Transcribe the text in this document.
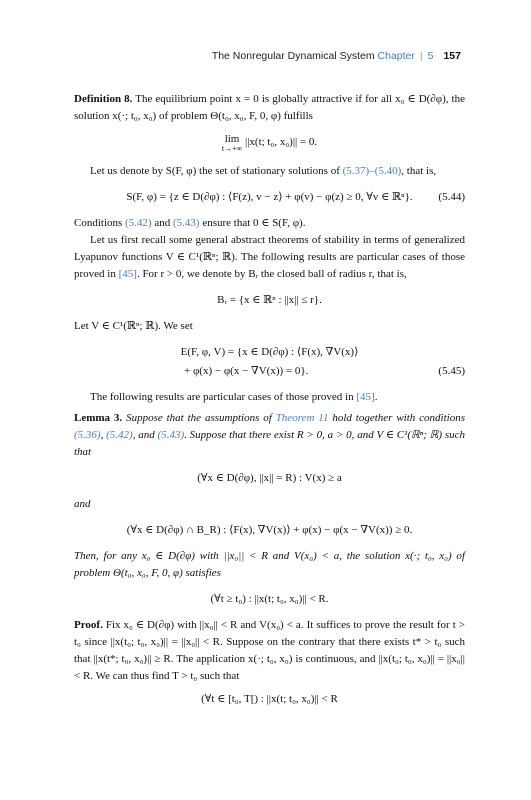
The Nonregular Dynamical System Chapter | 5 157

Definition 8. The equilibrium point x = 0 is globally attractive if for all x₀ ∈ D(∂φ), the solution x(·; t₀, x₀) of problem Θ(t₀, x₀, F, 0, φ) fulfills

lim
t→+∞
||x(t; t₀, x₀)|| = 0.

Let us denote by S(F, φ) the set of stationary solutions of (5.37)–(5.40), that is,

S(F, φ) = {z ∈ D(∂φ) : ⟨F(z), v − z⟩ + φ(v) − φ(z) ≥ 0, ∀v ∈ ℝⁿ}. (5.44)

Conditions (5.42) and (5.43) ensure that 0 ∈ S(F, φ).

Let us first recall some general abstract theorems of stability in terms of generalized Lyapunov functions V ∈ C¹(ℝⁿ; ℝ). The following results are particular cases of those proved in [45]. For r > 0, we denote by Bᵣ the closed ball of radius r, that is,

Bᵣ = {x ∈ ℝⁿ : ||x|| ≤ r}.

Let V ∈ C¹(ℝⁿ; ℝ). We set

E(F, φ, V) = {x ∈ D(∂φ) : ⟨F(x), ∇V(x)⟩
+ φ(x) − φ(x − ∇V(x)) = 0}.	(5.45)

The following results are particular cases of those proved in [45].

Lemma 3. Suppose that the assumptions of Theorem 11 hold together with conditions (5.36), (5.42), and (5.43). Suppose that there exist R > 0, a > 0, and V ∈ C¹(ℝⁿ; ℝ) such that

(∀x ∈ D(∂φ), ||x|| = R) : V(x) ≥ a

and

(∀x ∈ D(∂φ) ∩ B_R) : ⟨F(x), ∇V(x)⟩ + φ(x) − φ(x − ∇V(x)) ≥ 0.

Then, for any x₀ ∈ D(∂φ) with ||x₀|| < R and V(x₀) < a, the solution x(·; t₀, x₀) of problem Θ(t₀, x₀, F, 0, φ) satisfies

(∀t ≥ t₀) : ||x(t; t₀, x₀)|| < R.

Proof. Fix x₀ ∈ D(∂φ) with ||x₀|| < R and V(x₀) < a. It suffices to prove the result for t > t₀ since ||x(t₀; t₀, x₀)|| = ||x₀|| < R. Suppose on the contrary that there exists t* > t₀ such that ||x(t*; t₀, x₀)|| ≥ R. The application x(·; t₀, x₀) is continuous, and ||x(t₀; t₀, x₀)|| = ||x₀|| < R. We can thus find T > t₀ such that

(∀t ∈ [t₀, T[) : ||x(t; t₀, x₀)|| < R
